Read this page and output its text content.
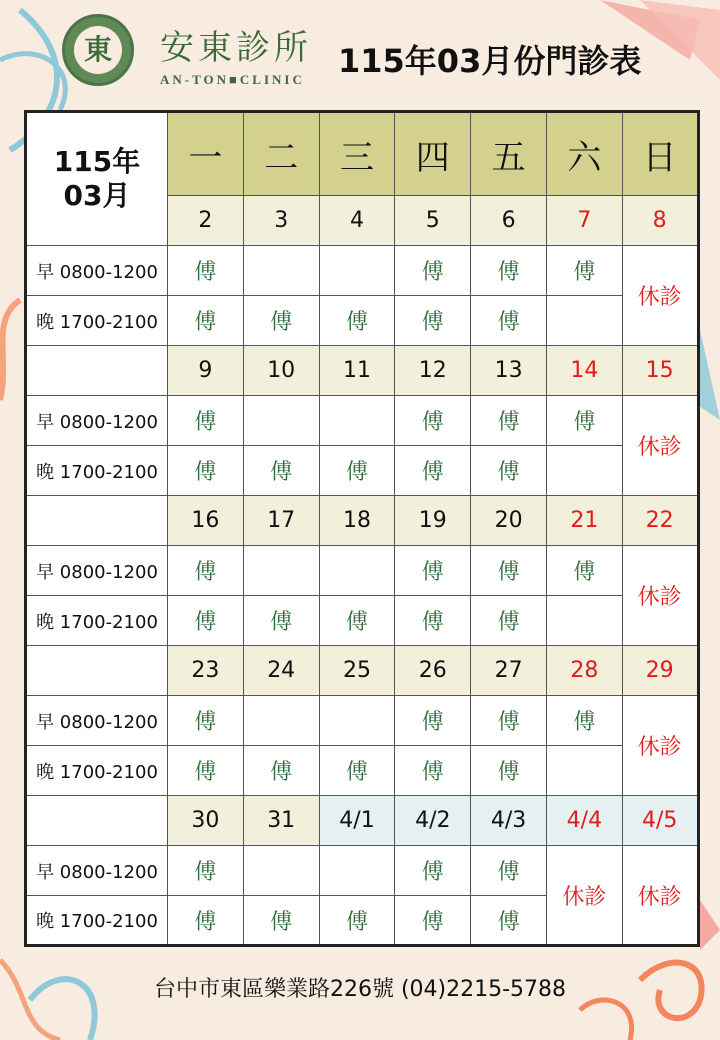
東 安東診所
AN-TON■CLINIC 115年03月份門診表
115年
03月	一	二	三	四	五	六	日
	2	3	4	5	6	7	8
早 0800-1200	傅			傅	傅	傅	休診
晚 1700-2100	傅	傅	傅	傅	傅		
	9	10	11	12	13	14	15
早 0800-1200	傅			傅	傅	傅	休診
晚 1700-2100	傅	傅	傅	傅	傅		
	16	17	18	19	20	21	22
早 0800-1200	傅			傅	傅	傅	休診
晚 1700-2100	傅	傅	傅	傅	傅		
	23	24	25	26	27	28	29
早 0800-1200	傅			傅	傅	傅	休診
晚 1700-2100	傅	傅	傅	傅	傅		
	30	31	4/1	4/2	4/3	4/4	4/5
早 0800-1200	傅			傅	傅	休診	休診
晚 1700-2100	傅	傅	傅	傅	傅		
台中市東區樂業路226號 (04)2215-5788
